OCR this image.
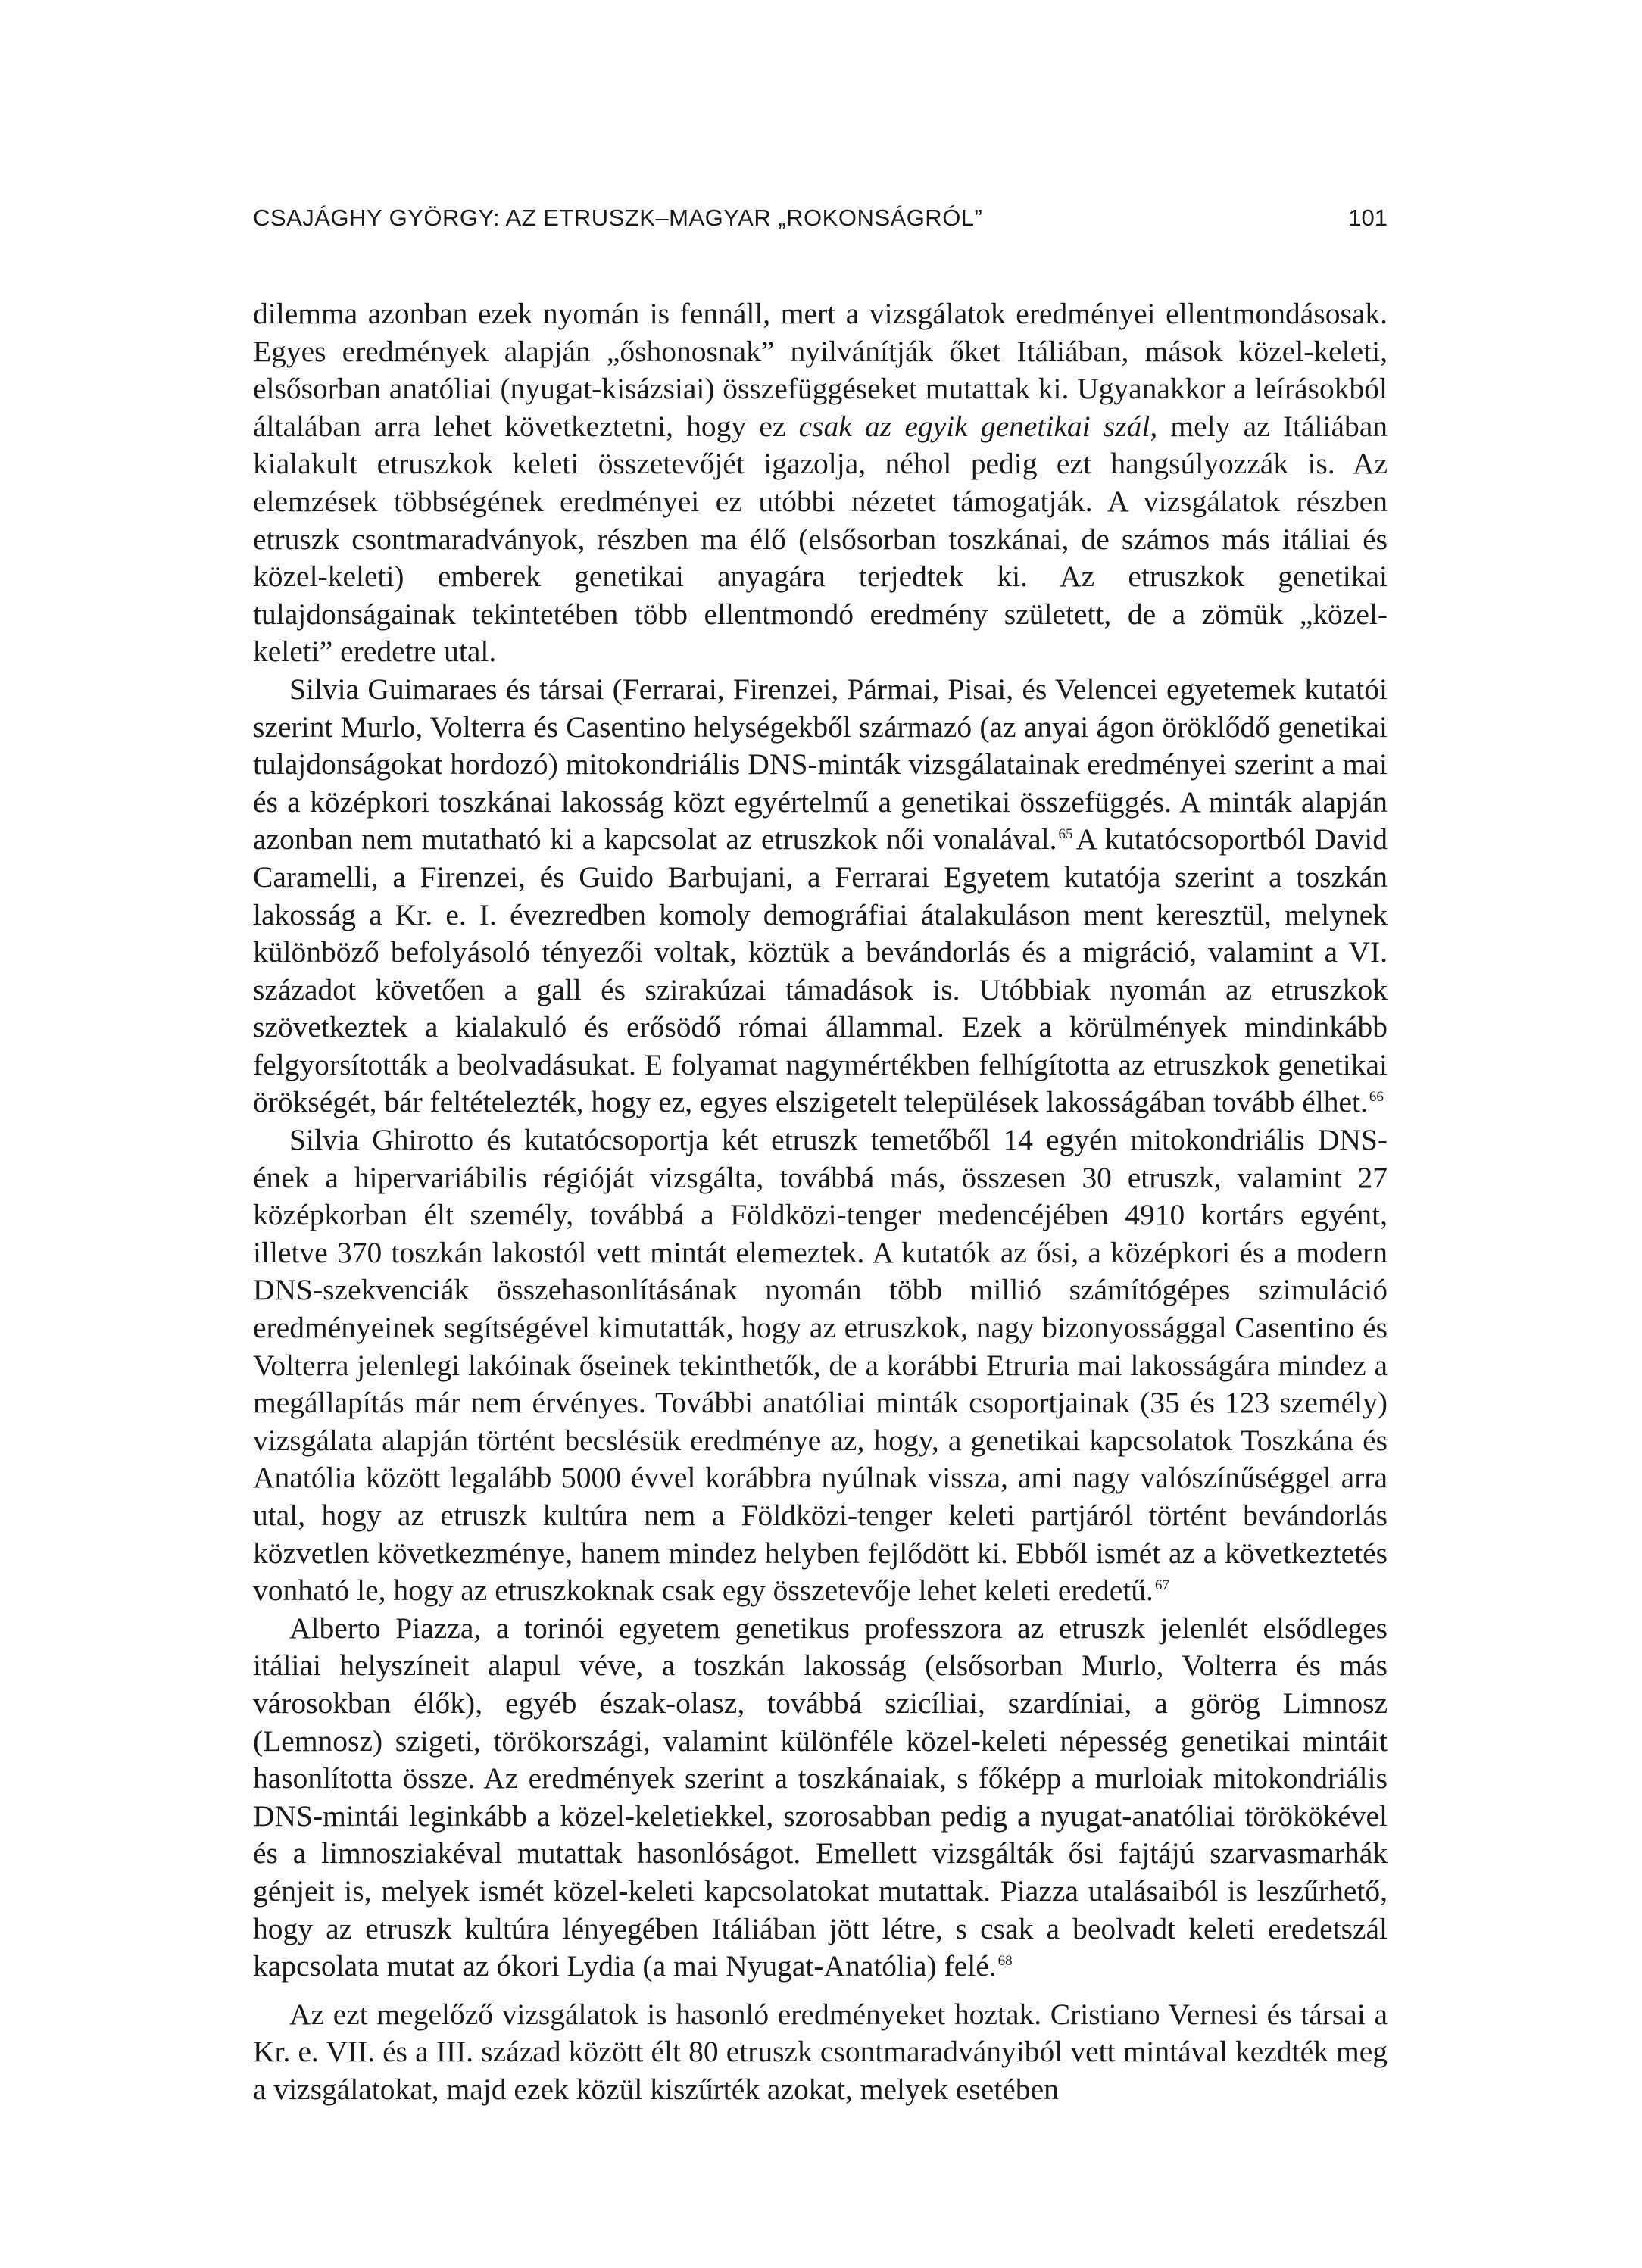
CSAJÁGHY GYÖRGY: AZ ETRUSZK–MAGYAR „ROKONSÁGRÓL”	101

dilemma azonban ezek nyomán is fennáll, mert a vizsgálatok eredményei ellentmondásosak. Egyes eredmények alapján „őshonosnak” nyilvánítják őket Itáliában, mások közel-keleti, elsősorban anatóliai (nyugat-kisázsiai) összefüggéseket mutattak ki. Ugyanakkor a leírásokból általában arra lehet következtetni, hogy ez csak az egyik genetikai szál, mely az Itáliában kialakult etruszkok keleti összetevőjét igazolja, néhol pedig ezt hangsúlyozzák is. Az elemzések többségének eredményei ez utóbbi nézetet támogatják. A vizsgálatok részben etruszk csontmaradványok, részben ma élő (elsősorban toszkánai, de számos más itáliai és közel-keleti) emberek genetikai anyagára terjedtek ki. Az etruszkok genetikai tulajdonságainak tekintetében több ellentmondó eredmény született, de a zömük „közel-keleti” eredetre utal.

Silvia Guimaraes és társai (Ferrarai, Firenzei, Pármai, Pisai, és Velencei egyetemek kutatói szerint Murlo, Volterra és Casentino helységekből származó (az anyai ágon öröklődő genetikai tulajdonságokat hordozó) mitokondriális DNS-minták vizsgálatainak eredményei szerint a mai és a középkori toszkánai lakosság közt egyértelmű a genetikai összefüggés. A minták alapján azonban nem mutatható ki a kapcsolat az etruszkok női vonalával. $^{65}$ A kutatócsoportból David Caramelli, a Firenzei, és Guido Barbujani, a Ferrarai Egyetem kutatója szerint a toszkán lakosság a Kr. e. I. évezredben komoly demográfiai átalakuláson ment keresztül, melynek különböző befolyásoló tényezői voltak, köztük a bevándorlás és a migráció, valamint a VI. századot követően a gall és szirakúzai támadások is. Utóbbiak nyomán az etruszkok szövetkeztek a kialakuló és erősödő római állammal. Ezek a körülmények mindinkább felgyorsították a beolvadásukat. E folyamat nagymértékben felhígította az etruszkok genetikai örökségét, bár feltételezték, hogy ez, egyes elszigetelt települések lakosságában tovább élhet. $^{66}$

Silvia Ghirotto és kutatócsoportja két etruszk temetőből 14 egyén mitokondriális DNS-ének a hipervariábilis régióját vizsgálta, továbbá más, összesen 30 etruszk, valamint 27 középkorban élt személy, továbbá a Földközi-tenger medencéjében 4910 kortárs egyént, illetve 370 toszkán lakostól vett mintát elemeztek. A kutatók az ősi, a középkori és a modern DNS-szekvenciák összehasonlításának nyomán több millió számítógépes szimuláció eredményeinek segítségével kimutatták, hogy az etruszkok, nagy bizonyossággal Casentino és Volterra jelenlegi lakóinak őseinek tekinthetők, de a korábbi Etruria mai lakosságára mindez a megállapítás már nem érvényes. További anatóliai minták csoportjainak (35 és 123 személy) vizsgálata alapján történt becslésük eredménye az, hogy, a genetikai kapcsolatok Toszkána és Anatólia között legalább 5000 évvel korábbra nyúlnak vissza, ami nagy valószínűséggel arra utal, hogy az etruszk kultúra nem a Földközi-tenger keleti partjáról történt bevándorlás közvetlen következménye, hanem mindez helyben fejlődött ki. Ebből ismét az a következtetés vonható le, hogy az etruszkoknak csak egy összetevője lehet keleti eredetű. $^{67}$

Alberto Piazza, a torinói egyetem genetikus professzora az etruszk jelenlét elsődleges itáliai helyszíneit alapul véve, a toszkán lakosság (elsősorban Murlo, Volterra és más városokban élők), egyéb észak-olasz, továbbá szicíliai, szardíniai, a görög Limnosz (Lemnosz) szigeti, törökországi, valamint különféle közel-keleti népesség genetikai mintáit hasonlította össze. Az eredmények szerint a toszkánaiak, s főképp a murloiak mitokondriális DNS-mintái leginkább a közel-keletiekkel, szorosabban pedig a nyugat-anatóliai törökökével és a limnosziakéval mutattak hasonlóságot. Emellett vizsgálták ősi fajtájú szarvasmarhák génjeit is, melyek ismét közel-keleti kapcsolatokat mutattak. Piazza utalásaiból is leszűrhető, hogy az etruszk kultúra lényegében Itáliában jött létre, s csak a beolvadt keleti eredetszál kapcsolata mutat az ókori Lydia (a mai Nyugat-Anatólia) felé. $^{68}$

Az ezt megelőző vizsgálatok is hasonló eredményeket hoztak. Cristiano Vernesi és társai a Kr. e. VII. és a III. század között élt 80 etruszk csontmaradványiból vett mintával kezdték meg a vizsgálatokat, majd ezek közül kiszűrték azokat, melyek esetében
